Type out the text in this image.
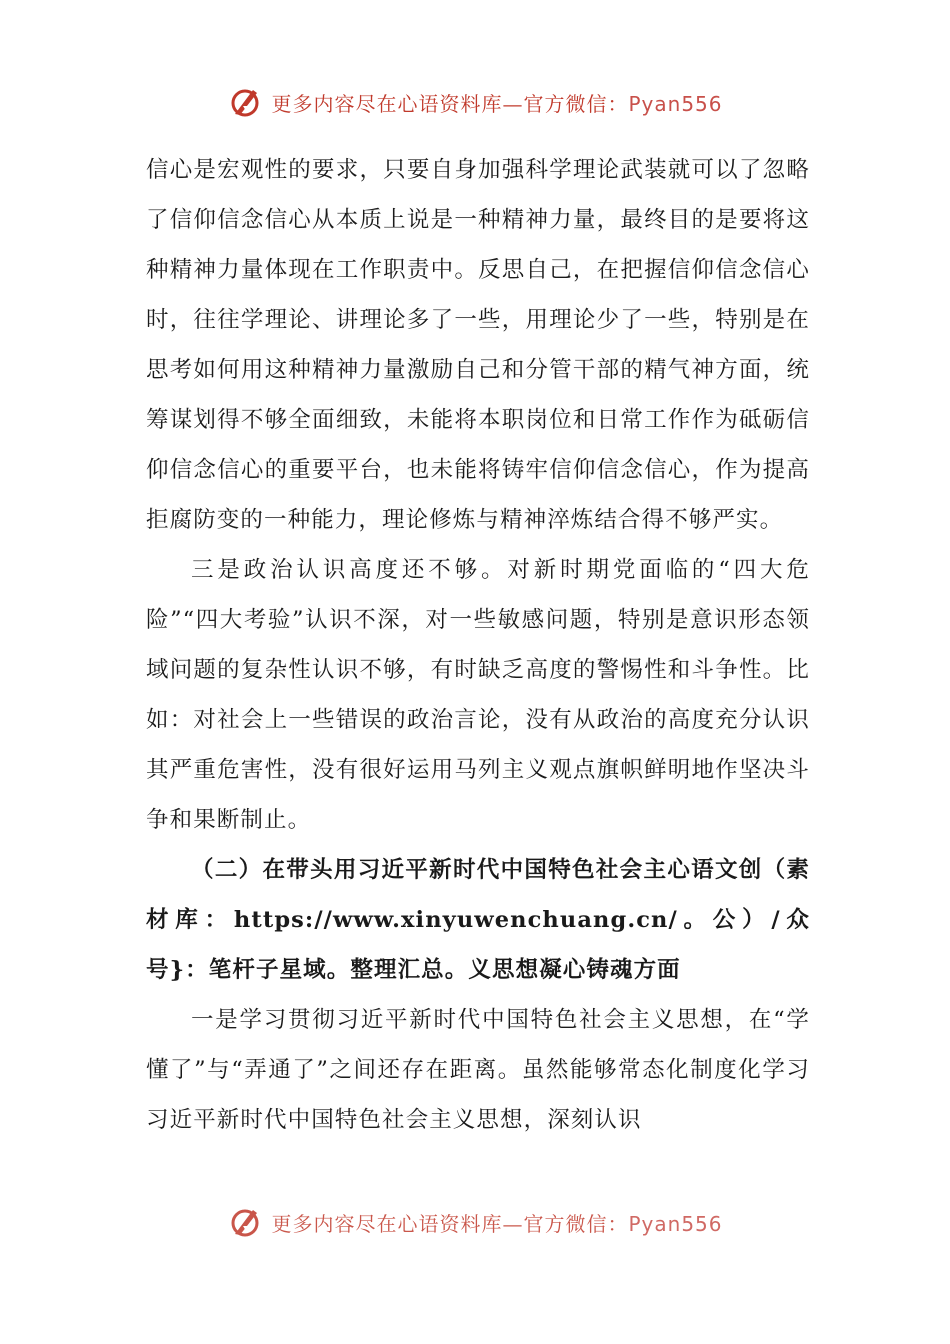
更多内容尽在心语资料库—官方微信：Pyan556

信心是宏观性的要求，只要自身加强科学理论武装就可以了忽略了信仰信念信心从本质上说是一种精神力量，最终目的是要将这种精神力量体现在工作职责中。反思自己，在把握信仰信念信心时，往往学理论、讲理论多了一些，用理论少了一些，特别是在思考如何用这种精神力量激励自己和分管干部的精气神方面，统筹谋划得不够全面细致，未能将本职岗位和日常工作作为砥砺信仰信念信心的重要平台，也未能将铸牢信仰信念信心，作为提高拒腐防变的一种能力，理论修炼与精神淬炼结合得不够严实。

三是政治认识高度还不够。对新时期党面临的“四大危险”“四大考验”认识不深，对一些敏感问题，特别是意识形态领域问题的复杂性认识不够，有时缺乏高度的警惕性和斗争性。比如：对社会上一些错误的政治言论，没有从政治的高度充分认识其严重危害性，没有很好运用马列主义观点旗帜鲜明地作坚决斗争和果断制止。

（二）在带头用习近平新时代中国特色社会主心语文创（素材库：https://www.xinyuwenchuang.cn/。公）/众号}：笔杆子星域。整理汇总。义思想凝心铸魂方面

一是学习贯彻习近平新时代中国特色社会主义思想，在“学懂了”与“弄通了”之间还存在距离。虽然能够常态化制度化学习习近平新时代中国特色社会主义思想，深刻认识

更多内容尽在心语资料库—官方微信：Pyan556
